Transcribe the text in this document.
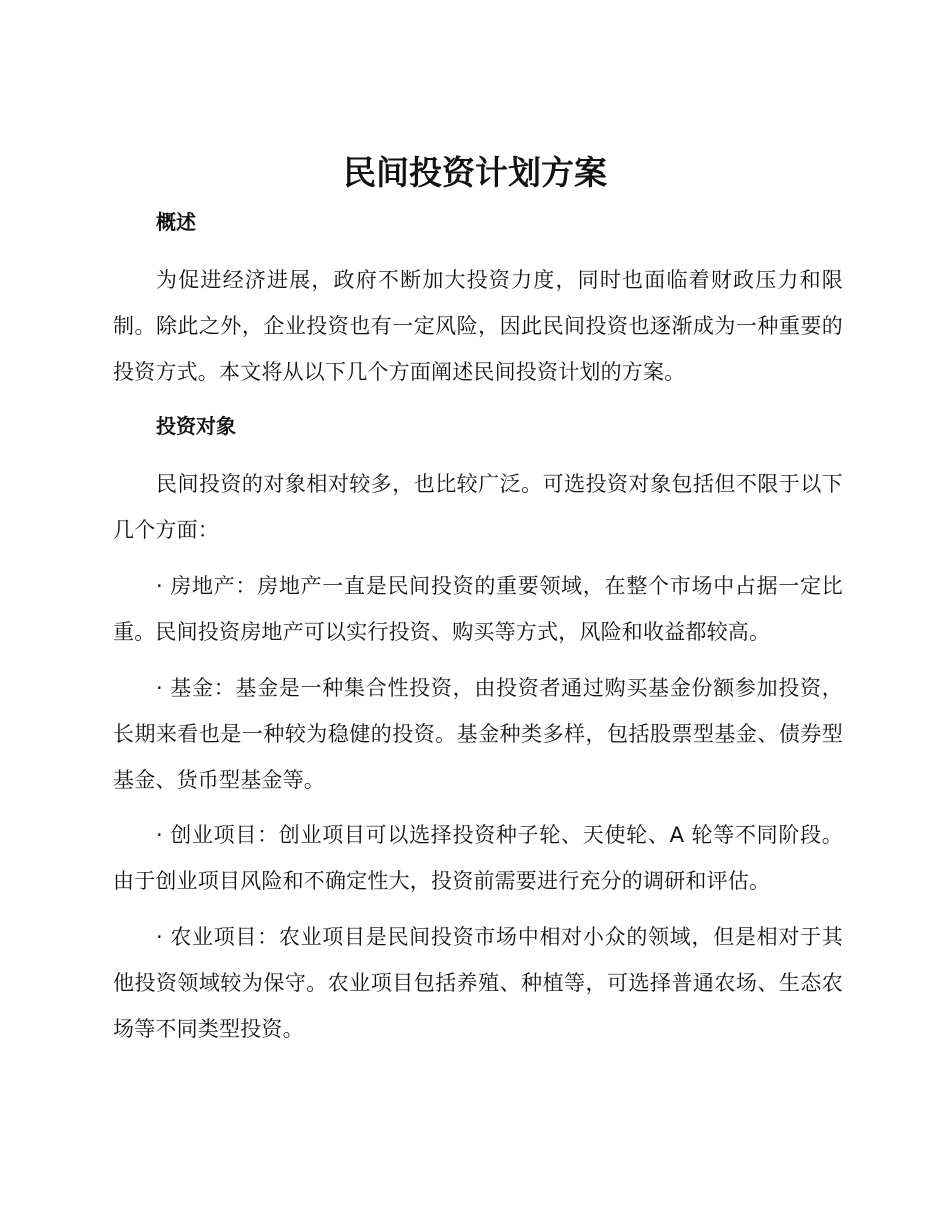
民间投资计划方案
概述

为促进经济进展，政府不断加大投资力度，同时也面临着财政压力和限制。除此之外，企业投资也有一定风险，因此民间投资也逐渐成为一种重要的投资方式。本文将从以下几个方面阐述民间投资计划的方案。

投资对象

民间投资的对象相对较多，也比较广泛。可选投资对象包括但不限于以下几个方面：

· 房地产：房地产一直是民间投资的重要领域，在整个市场中占据一定比重。民间投资房地产可以实行投资、购买等方式，风险和收益都较高。

· 基金：基金是一种集合性投资，由投资者通过购买基金份额参加投资，长期来看也是一种较为稳健的投资。基金种类多样，包括股票型基金、债券型基金、货币型基金等。

· 创业项目：创业项目可以选择投资种子轮、天使轮、A 轮等不同阶段。由于创业项目风险和不确定性大，投资前需要进行充分的调研和评估。

· 农业项目：农业项目是民间投资市场中相对小众的领域，但是相对于其他投资领域较为保守。农业项目包括养殖、种植等，可选择普通农场、生态农场等不同类型投资。
